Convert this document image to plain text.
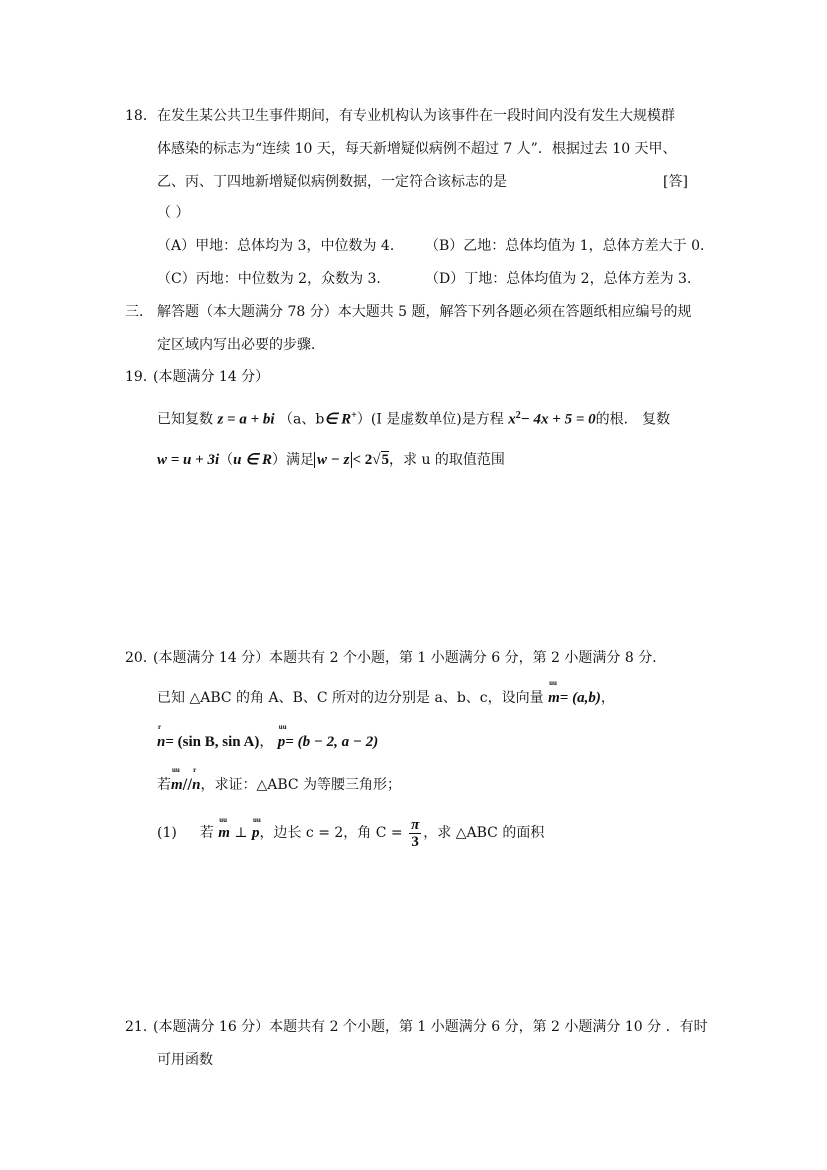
18． 在发生某公共卫生事件期间，有专业机构认为该事件在一段时间内没有发生大规模群
体感染的标志为“连续 10 天，每天新增疑似病例不超过 7 人”．根据过去 10 天甲、
乙、丙、丁四地新增疑似病例数据，一定符合该标志的是	[答]
（ ）
（A）甲地：总体均为 3，中位数为 4． （B）乙地：总体均值为 1，总体方差大于 0．
（C）丙地：中位数为 2，众数为 3． （D）丁地：总体均值为 2，总体方差为 3．
三． 解答题（本大题满分 78 分）本大题共 5 题，解答下列各题必须在答题纸相应编号的规
定区域内写出必要的步骤．
19．
(本题满分 14 分）
已知复数 z = a + bi （a、b∈ R+）(I 是虚数单位)是方程 $x^2- 4x + 5 = 0$的根． 复数
w = u + 3i（u ∈ R）满足 w − z < 2√5，求 u 的取值范围
20．
(本题满分 14 分）本题共有 2 个小题，第 1 小题满分 6 分，第 2 小题满分 8 分．
已知 △ABC 的角 A、B、C 所对的边分别是 a、b、c，设向量
uu
m= (a,b)，
r
n= (sin B, sin A)，
uu
p= (b − 2, a − 2)
若
uu
m//
r
n，求证：△ABC 为等腰三角形；
(1) 若
uu
m ⊥
uu
p，边长 c = 2，角 $C = \frac{\pi}{3}$ ，求 △ABC 的面积
21．
(本题满分 16 分）本题共有 2 个小题，第 1 小题满分 6 分，第 2 小题满分 10 分 ．有时
可用函数
